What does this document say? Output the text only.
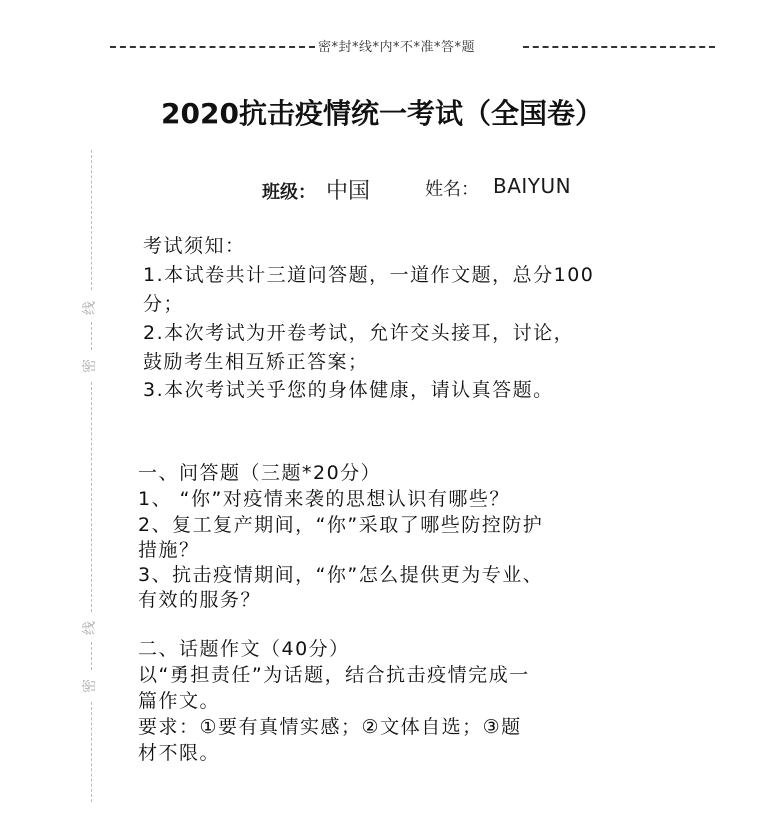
密*封*线*内*不*准*答*题
线
密
线
密
2020抗击疫情统一考试（全国卷）
班级： 中国	姓名： BAIYUN
考试须知：
1.本试卷共计三道问答题，一道作文题，总分100
分；
2.本次考试为开卷考试，允许交头接耳，讨论，
鼓励考生相互矫正答案；
3.本次考试关乎您的身体健康，请认真答题。
一、问答题（三题*20分）
1、 “你”对疫情来袭的思想认识有哪些？
2、复工复产期间，“你”采取了哪些防控防护
措施？
3、抗击疫情期间，“你”怎么提供更为专业、
有效的服务？
二、话题作文（40分）
以“勇担责任”为话题，结合抗击疫情完成一
篇作文。
要求：①要有真情实感；②文体自选；③题
材不限。
